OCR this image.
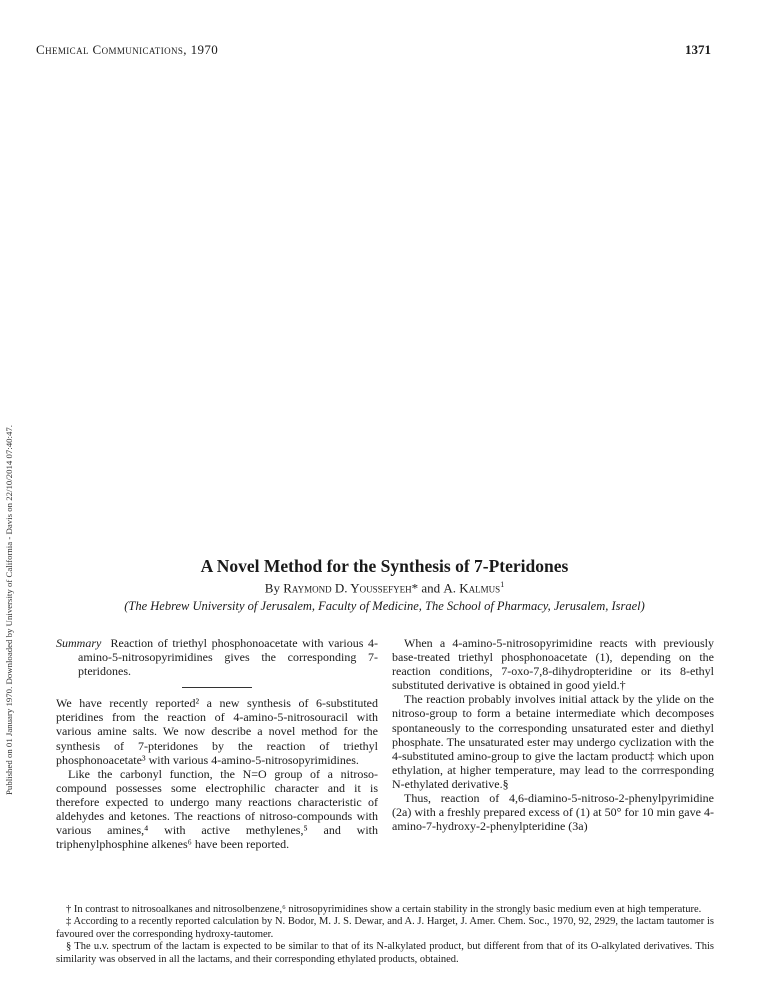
Chemical Communications, 1970	1371
Published on 01 January 1970. Downloaded by University of California - Davis on 22/10/2014 07:40:47.	A Novel Method for the Synthesis of 7-Pteridones
By Raymond D. Youssefyeh* and A. Kalmus$^1$
(The Hebrew University of Jerusalem, Faculty of Medicine, The School of Pharmacy, Jerusalem, Israel)

Summary Reaction of triethyl phosphonoacetate with various 4-amino-5-nitrosopyrimidines gives the corresponding 7-pteridones.

We have recently reported² a new synthesis of 6-substituted pteridines from the reaction of 4-amino-5-nitrosouracil with various amine salts. We now describe a novel method for the synthesis of 7-pteridones by the reaction of triethyl phosphonoacetate³ with various 4-amino-5-nitrosopyrimidines.

Like the carbonyl function, the N=O group of a nitroso-compound possesses some electrophilic character and it is therefore expected to undergo many reactions characteristic of aldehydes and ketones. The reactions of nitroso-compounds with various amines,⁴ with active methylenes,⁵ and with triphenylphosphine alkenes⁶ have been reported.

When a 4-amino-5-nitrosopyrimidine reacts with previously base-treated triethyl phosphonoacetate (1), depending on the reaction conditions, 7-oxo-7,8-dihydropteridine or its 8-ethyl substituted derivative is obtained in good yield.†

The reaction probably involves initial attack by the ylide on the nitroso-group to form a betaine intermediate which decomposes spontaneously to the corresponding unsaturated ester and diethyl phosphate. The unsaturated ester may undergo cyclization with the 4-substituted amino-group to give the lactam product‡ which upon ethylation, at higher temperature, may lead to the corrresponding N-ethylated derivative.§

Thus, reaction of 4,6-diamino-5-nitroso-2-phenylpyrimidine (2a) with a freshly prepared excess of (1) at 50° for 10 min gave 4-amino-7-hydroxy-2-phenylpteridine (3a)

† In contrast to nitrosoalkanes and nitrosolbenzene,⁶ nitrosopyrimidines show a certain stability in the strongly basic medium even at high temperature.

‡ According to a recently reported calculation by N. Bodor, M. J. S. Dewar, and A. J. Harget, J. Amer. Chem. Soc., 1970, 92, 2929, the lactam tautomer is favoured over the corresponding hydroxy-tautomer.

§ The u.v. spectrum of the lactam is expected to be similar to that of its N-alkylated product, but different from that of its O-alkylated derivatives. This similarity was observed in all the lactams, and their corresponding ethylated products, obtained.
